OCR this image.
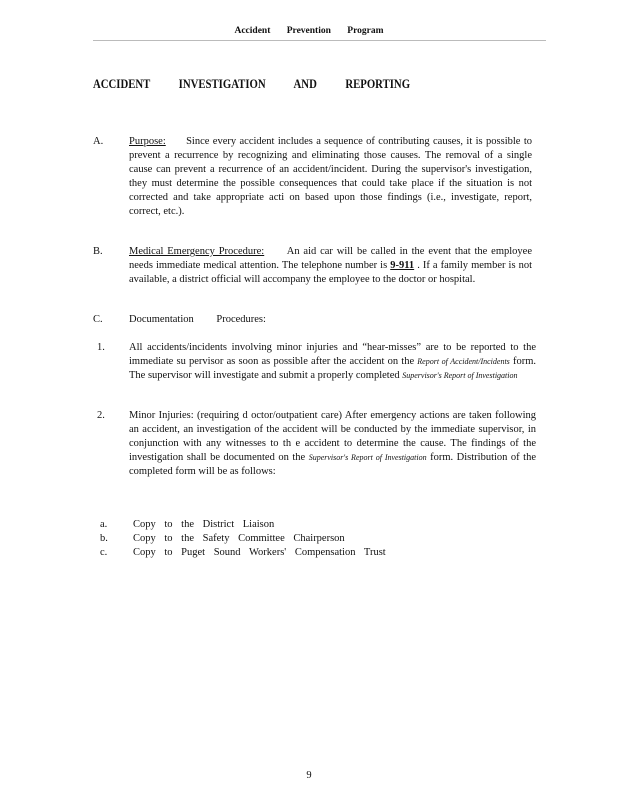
Accident Prevention Program
ACCIDENT INVESTIGATION AND REPORTING
A. Purpose: Since every accident includes a sequence of contributing causes, it is possible to prevent a recurrence by recognizing and eliminating those causes. The removal of a single cause can prevent a recurrence of an accident/incident. During the supervisor's investigation, they must determine the possible consequences that could take place if the situation is not corrected and take appropriate acti on based upon those findings (i.e., investigate, report, correct, etc.).
B.	Medical Emergency Procedure: An aid car will be called in the event that the employee needs immediate medical attention. The telephone number is 9-911 . If a family member is not available, a district official will accompany the employee to the doctor or hospital.
C.	Documentation Procedures:
1. All accidents/incidents involving minor injuries and “hear-misses” are to be reported to the immediate su pervisor as soon as possible after the accident on the Report of Accident/Incidents form. The supervisor will investigate and submit a properly completed Supervisor's Report of Investigation
2. Minor Injuries: (requiring d octor/outpatient care) After emergency actions are taken following an accident, an investigation of the accident will be conducted by the immediate supervisor, in conjunction with any witnesses to th e accident to determine the cause. The findings of the investigation shall be documented on the Supervisor's Report of Investigation form. Distribution of the completed form will be as follows:
a. Copy to the District Liaison
b. Copy to the Safety Committee Chairperson
c. Copy to Puget Sound Workers' Compensation Trust
9
